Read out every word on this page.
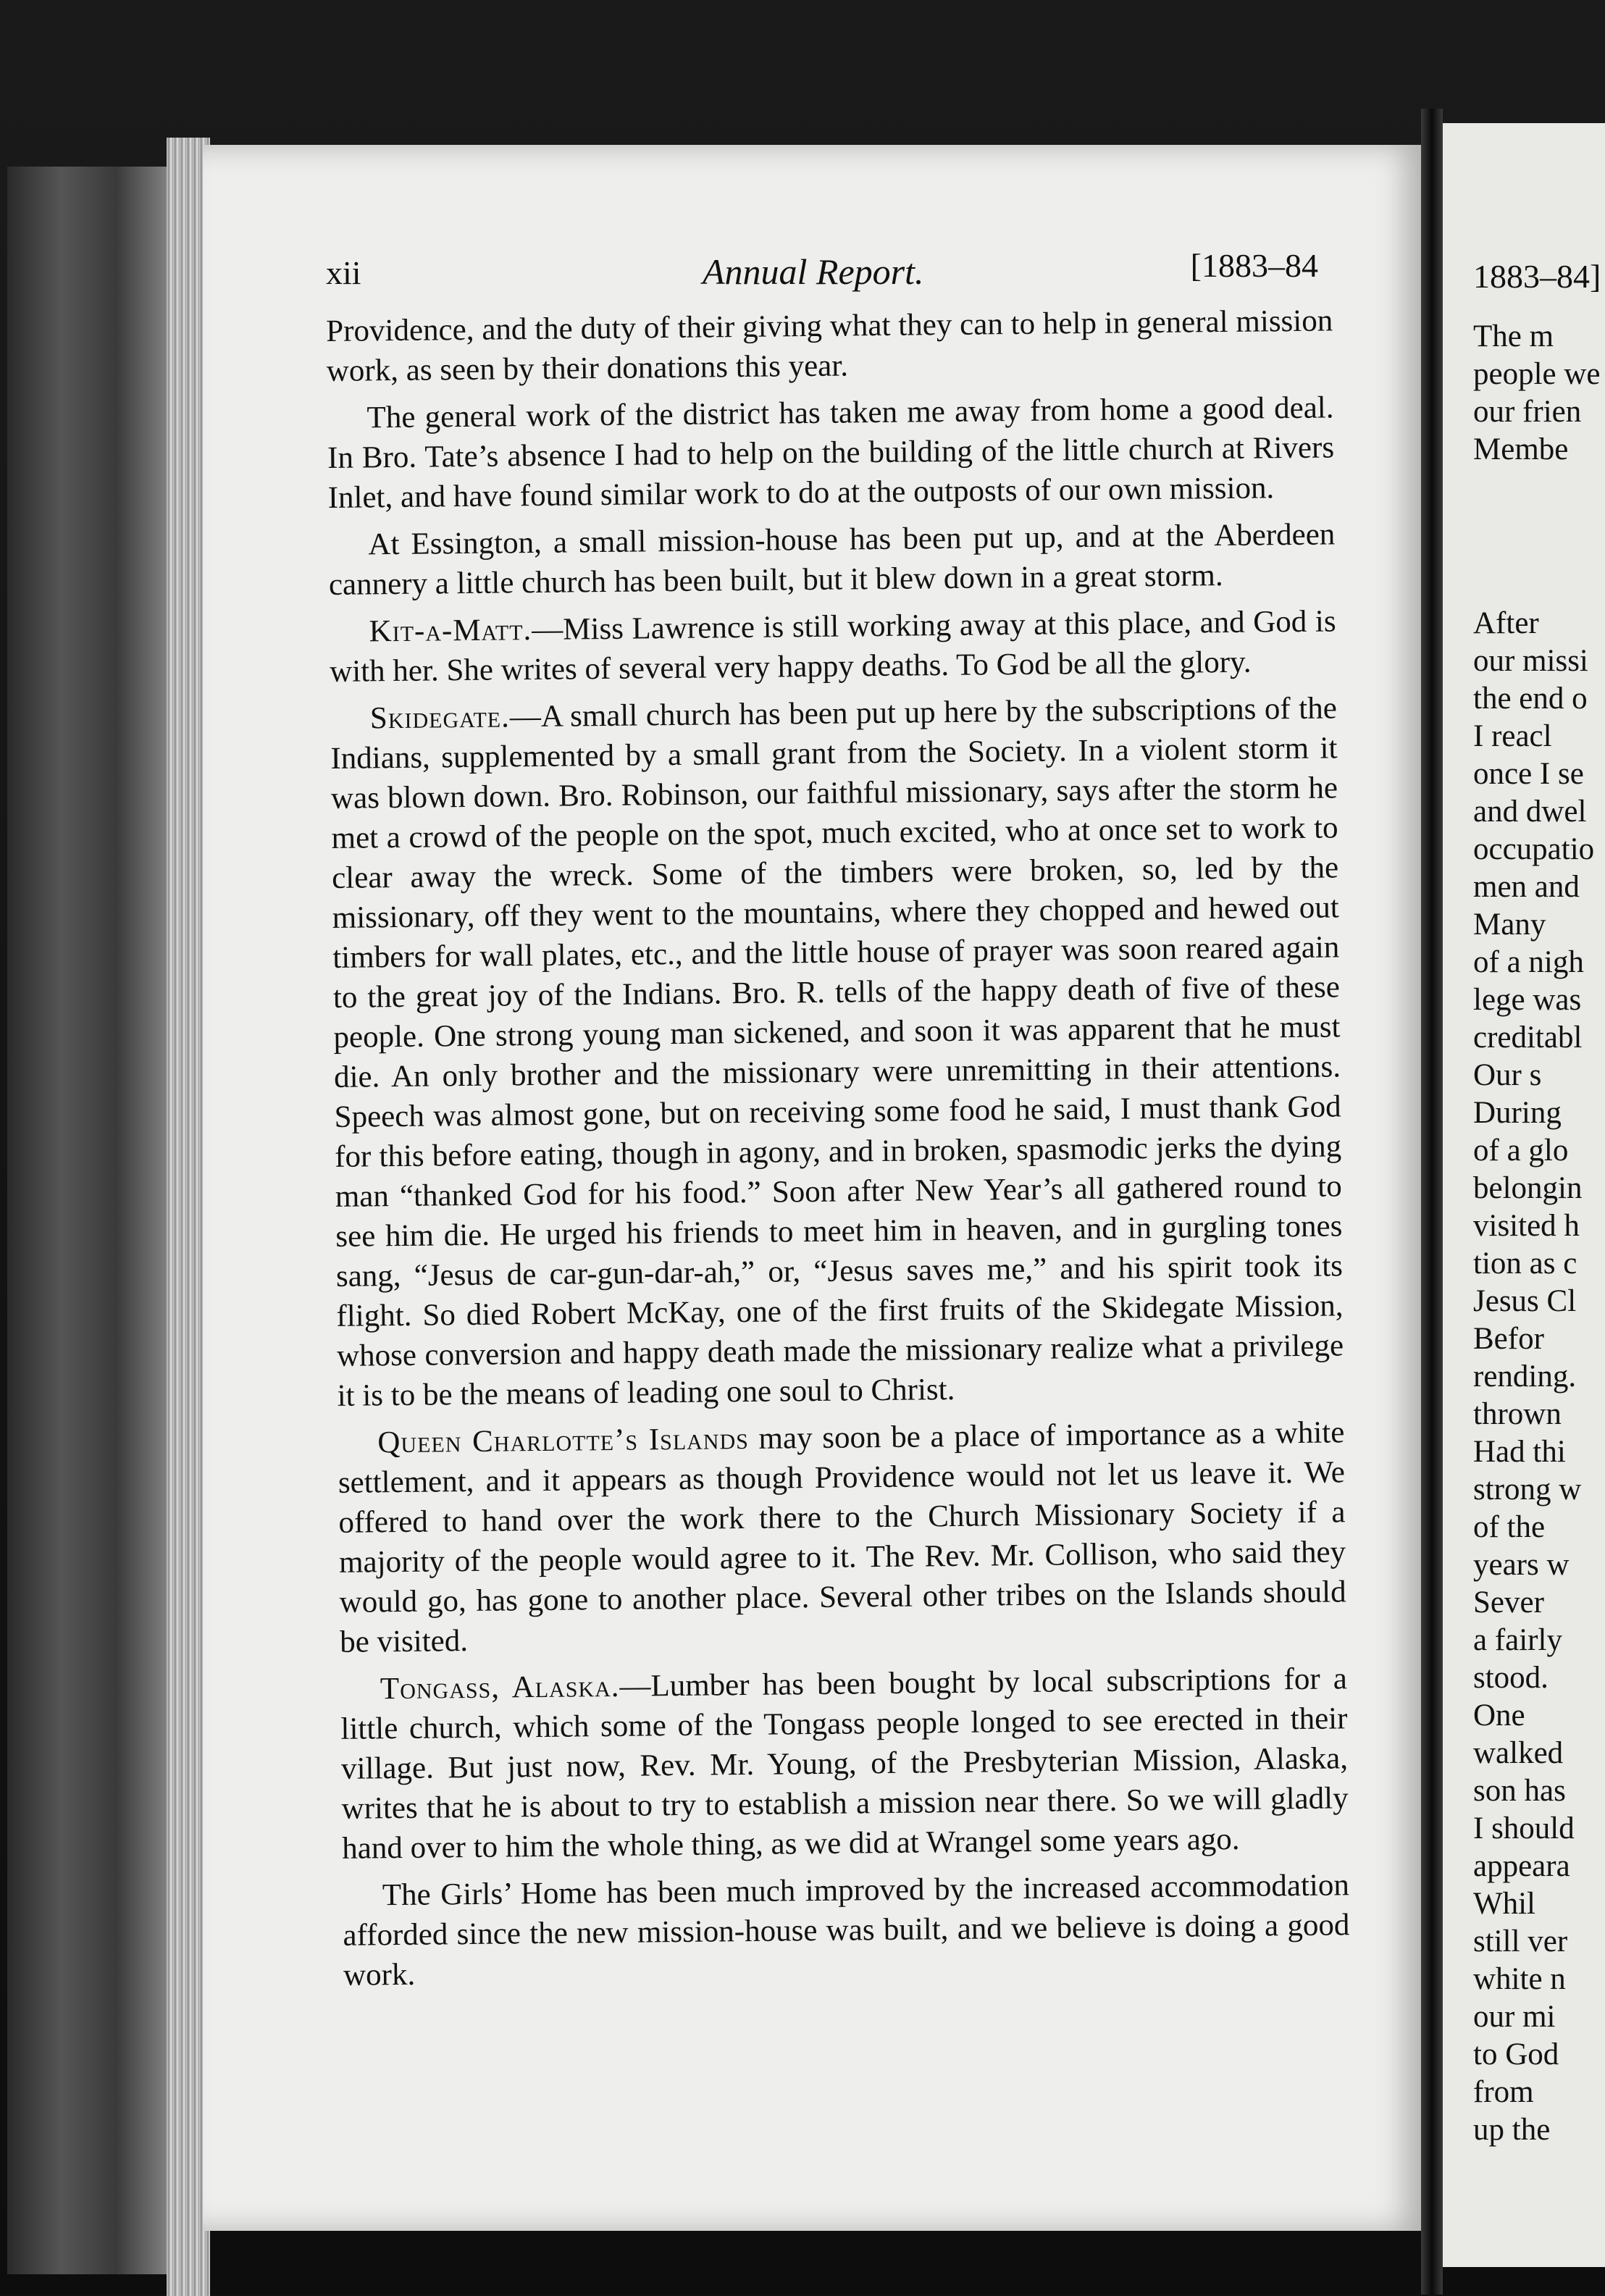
xii	Annual Report.	[1883–84

Providence, and the duty of their giving what they can to help in general mission work, as seen by their donations this year.

The general work of the district has taken me away from home a good deal. In Bro. Tate’s absence I had to help on the building of the little church at Rivers Inlet, and have found similar work to do at the outposts of our own mission.

At Essington, a small mission-house has been put up, and at the Aberdeen cannery a little church has been built, but it blew down in a great storm.

Kit-a-Matt.—Miss Lawrence is still working away at this place, and God is with her. She writes of several very happy deaths. To God be all the glory.

Skidegate.—A small church has been put up here by the subscriptions of the Indians, supplemented by a small grant from the Society. In a violent storm it was blown down. Bro. Robinson, our faithful missionary, says after the storm he met a crowd of the people on the spot, much excited, who at once set to work to clear away the wreck. Some of the timbers were broken, so, led by the missionary, off they went to the mountains, where they chopped and hewed out timbers for wall plates, etc., and the little house of prayer was soon reared again to the great joy of the Indians. Bro. R. tells of the happy death of five of these people. One strong young man sickened, and soon it was apparent that he must die. An only brother and the missionary were unremitting in their attentions. Speech was almost gone, but on receiving some food he said, I must thank God for this before eating, though in agony, and in broken, spasmodic jerks the dying man “thanked God for his food.” Soon after New Year’s all gathered round to see him die. He urged his friends to meet him in heaven, and in gurgling tones sang, “Jesus de car-gun-dar-ah,” or, “Jesus saves me,” and his spirit took its flight. So died Robert McKay, one of the first fruits of the Skidegate Mission, whose conversion and happy death made the missionary realize what a privilege it is to be the means of leading one soul to Christ.

Queen Charlotte’s Islands may soon be a place of importance as a white settlement, and it appears as though Providence would not let us leave it. We offered to hand over the work there to the Church Missionary Society if a majority of the people would agree to it. The Rev. Mr. Collison, who said they would go, has gone to another place. Several other tribes on the Islands should be visited.

Tongass, Alaska.—Lumber has been bought by local subscriptions for a little church, which some of the Tongass people longed to see erected in their village. But just now, Rev. Mr. Young, of the Presbyterian Mission, Alaska, writes that he is about to try to establish a mission near there. So we will gladly hand over to him the whole thing, as we did at Wrangel some years ago.

The Girls’ Home has been much improved by the increased accommodation afforded since the new mission-house was built, and we believe is doing a good work.

1883–84]
The m
people we
our frien
Membe
After
our missi
the end o
I reacl
once I se
and dwel
occupatio
men and
Many
of a nigh
lege was
creditabl
Our s
During
of a glo
belongin
visited h
tion as c
Jesus Cl
Befor
rending.
thrown
Had thi
strong w
of the
years w
Sever
a fairly
stood.
One
walked
son has
I should
appeara
Whil
still ver
white n
our mi
to God
from
up the
